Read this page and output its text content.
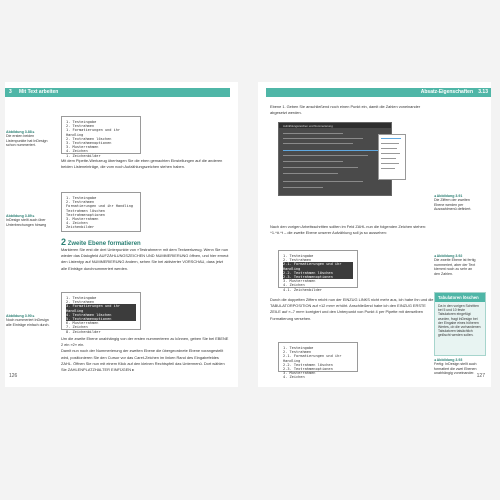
3 Mit Text arbeiten
1. Testeingabe
2. Testrahmen
1. Formatierungen und ihr Handling
2. Textrahmen löschen
3. Textrahmenoptionen
3. Musterrahmen
4. Zeichen
1. Zeichenbilder
Abbildung 3.88 ▸
Die ersten beiden Listenpunkte hat InDesign schon nummeriert.
Mit dem Pipette-Werkzeug übertragen Sie die eben gemachten Einstellungen auf die anderen beiden Listeneinträge, die vom noch Aufzählungszeichen stehen haben.
1. Testeingabe
2. Testrahmen
Formatierungen und ihr Handling
Textrahmen löschen
Textrahmenoptionen
3. Musterrahmen
4. Zeichen
Zeichenbilder
Abbildung 3.89 ▸
InDesign stellt auch über Unterbrechungen hinweg
2 Zweite Ebene formatieren
Markieren Sie erst die drei Unterpunkte von »Testrahmen« mit dem Textwerkzeug. Wenn Sie nun wieder das Dialogfeld AUFZÄHLUNGSZEICHEN UND NUMMERIERUNG öffnen, und hier erneut den Listentyp auf NUMMERIERUNG ändern, sehen Sie bei aktivierter VORSCHAU, dass jetzt alle Einträge durchnummeriert werden.
1. Testeingabe
2. Testrahmen
3. Formatierungen und ihr Handling
4. Textrahmen löschen
5. Textrahmenoptionen
6. Musterrahmen
7. Zeichen
8. Zeichenbilder
Abbildung 3.90 ▸
Noch nummeriert InDesign alle Einträge einfach durch.
Um die zweite Ebene unabhängig von der ersten nummerieren zu können, geben Sie bei EBENE 2 ein »2« ein.
Damit nun noch der Nummerierung der zweiten Ebene die übergeordnete Ebene vorangestellt wird, positionieren Sie den Cursor vor das Caret-Zeichen im linken Rand des Eingabefeldes ZAHL. Öffnen Sie nun mit einem Klick auf den kleinen Rechtspfeil das Untermenü. Dort wählen Sie ZAHLENPLATZHALTER EINFÜGEN ▸
126
Absatz-Eigenschaften 3.13
Ebene 1. Geben Sie anschließend noch einen Punkt ein, damit die Zahlen voneinander abgesetzt werden.
Aufzählungszeichen und Nummerierung
◂ Abbildung 3.91
Die Ziffern der zweiten Ebene werden per Auswahlmenü definiert.
Nach den vorigen Arbeitsschritten sollten im Feld ZAHL nun die folgenden Zeichen stehen: ^1.^#.^t – die zweite Ebene unserer Aufzählung soll ja so aussehen:
1. Testeingabe
2. Testrahmen
2.1. Formatierungen und ihr Handling
2.2. Textrahmen löschen
2.3. Textrahmenoptionen
3. Musterrahmen
4. Zeichen
4.1. Zeichenbilder
◂ Abbildung 3.92
Die zweite Ebene ist fertig nummeriert, aber der Text klemmt noch zu sehr an den Zahlen.
Durch die doppelten Ziffern reicht nun der EINZUG LINKS nicht mehr aus, ich habe ihn und die TABULATORPOSITION auf »12 mm« erhöht. Anschließend habe ich den EINZUG ERSTE ZEILE auf »–7 mm« korrigiert und den Unterpunkt von Punkt 4 per Pipette mit denselben Formatierung versehen.
1. Testeingabe
2. Testrahmen
2.1. Formatierungen und ihr Handling
2.2. Textrahmen löschen
2.3. Textrahmenoptionen
3. Musterrahmen
4. Zeichen
Tabulatoren löschen
Da in den vorigen Schritten bei 5 und 10 feste Tabulatoren eingefügt wurden, fragt InDesign bei der Eingabe eines höheren Wertes, ob die vorhandenen Tabulatoren tatsächlich gelöscht werden sollen.
◂ Abbildung 3.93
Fertig: InDesign stellt auch formatiert die zwei Ebenen unabhängig voneinander. 127
